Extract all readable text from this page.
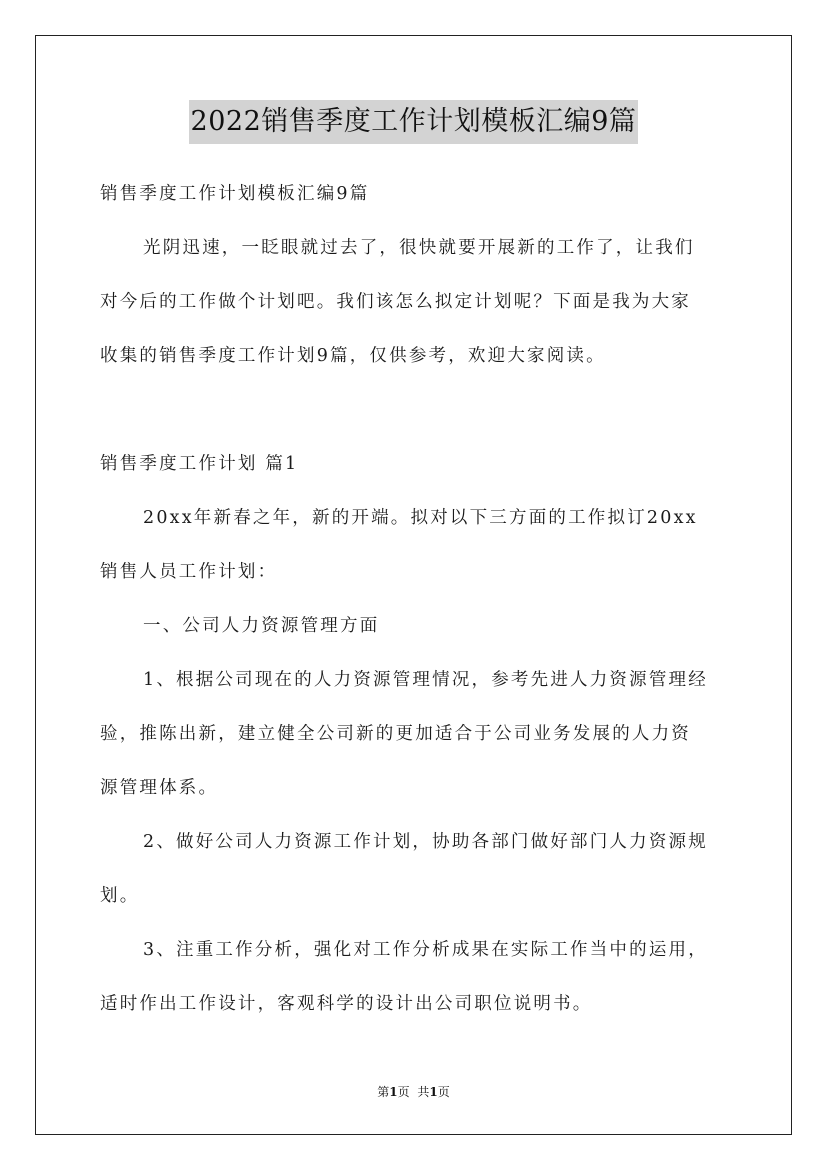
2022销售季度工作计划模板汇编9篇
销售季度工作计划模板汇编9篇
光阴迅速，一眨眼就过去了，很快就要开展新的工作了，让我们
对今后的工作做个计划吧。我们该怎么拟定计划呢？下面是我为大家
收集的销售季度工作计划9篇，仅供参考，欢迎大家阅读。
销售季度工作计划 篇1
20xx年新春之年，新的开端。拟对以下三方面的工作拟订20xx
销售人员工作计划：
一、公司人力资源管理方面
1、根据公司现在的人力资源管理情况，参考先进人力资源管理经
验，推陈出新，建立健全公司新的更加适合于公司业务发展的人力资
源管理体系。
2、做好公司人力资源工作计划，协助各部门做好部门人力资源规
划。
3、注重工作分析，强化对工作分析成果在实际工作当中的运用，
适时作出工作设计，客观科学的设计出公司职位说明书。
第1页 共1页
